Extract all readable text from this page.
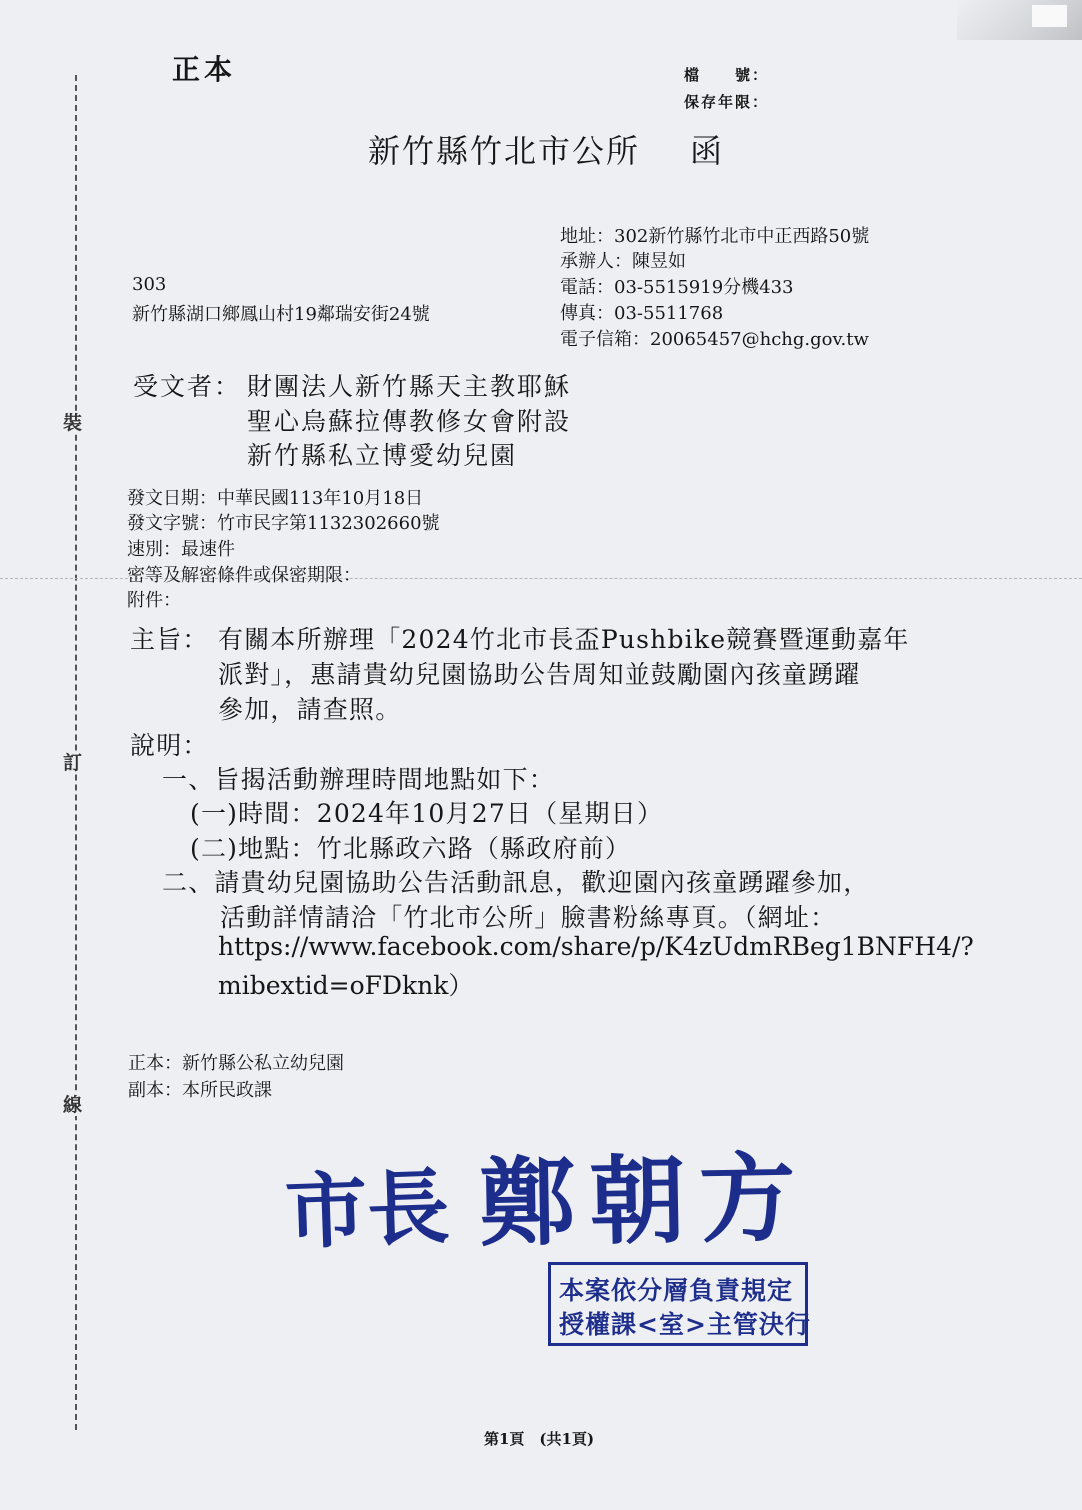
裝
訂
線
正本	檔　　號：
保存年限：
新竹縣竹北市公所 函
地址：302新竹縣竹北市中正西路50號
承辦人：陳昱如
電話：03-5515919分機433
傳真：03-5511768
電子信箱：20065457@hchg.gov.tw
303
新竹縣湖口鄉鳳山村19鄰瑞安街24號
受文者： 財團法人新竹縣天主教耶穌
聖心烏蘇拉傳教修女會附設
新竹縣私立博愛幼兒園
發文日期：中華民國113年10月18日
發文字號：竹市民字第1132302660號
速別：最速件
密等及解密條件或保密期限：
附件：
主旨： 有關本所辦理「2024竹北市長盃Pushbike競賽暨運動嘉年
派對」，惠請貴幼兒園協助公告周知並鼓勵園內孩童踴躍
參加，請查照。
說明：
一、旨揭活動辦理時間地點如下：
(一)時間：2024年10月27日（星期日）
(二)地點：竹北縣政六路（縣政府前）
二、請貴幼兒園協助公告活動訊息，歡迎園內孩童踴躍參加，
活動詳情請洽「竹北市公所」臉書粉絲專頁。（網址：
https://www.facebook.com/share/p/K4zUdmRBeg1BNFH4/?
mibextid=oFDknk）
正本：新竹縣公私立幼兒園
副本：本所民政課
市長 鄭朝方
本案依分層負責規定
授權課<室>主管決行
第1頁　(共1頁)
